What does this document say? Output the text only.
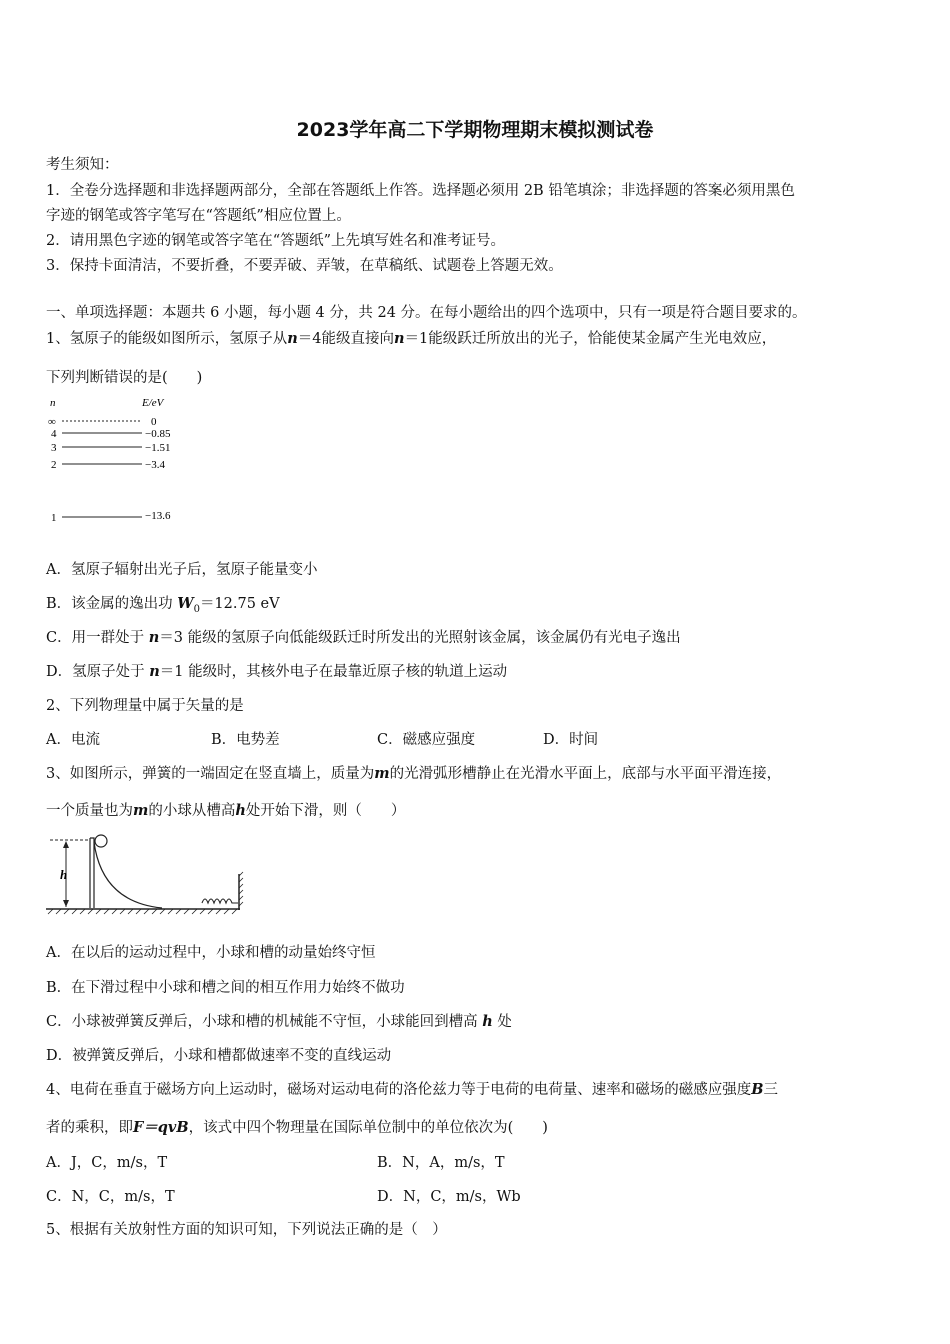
2023学年高二下学期物理期末模拟测试卷
考生须知：
1．全卷分选择题和非选择题两部分，全部在答题纸上作答。选择题必须用 2B 铅笔填涂；非选择题的答案必须用黑色
字迹的钢笔或答字笔写在“答题纸”相应位置上。
2．请用黑色字迹的钢笔或答字笔在“答题纸”上先填写姓名和准考证号。
3．保持卡面清洁，不要折叠，不要弄破、弄皱，在草稿纸、试题卷上答题无效。
一、单项选择题：本题共 6 小题，每小题 4 分，共 24 分。在每小题给出的四个选项中，只有一项是符合题目要求的。
1、氢原子的能级如图所示，氢原子从n＝4能级直接向n＝1能级跃迁所放出的光子，恰能使某金属产生光电效应，
下列判断错误的是(　　)
n	E/eV
∞	0
4	−0.85
3	−1.51
2	−3.4
1	−13.6
A．氢原子辐射出光子后，氢原子能量变小
B．该金属的逸出功 $W_0=12.75$ eV
C．用一群处于 n＝3 能级的氢原子向低能级跃迁时所发出的光照射该金属，该金属仍有光电子逸出
D．氢原子处于 n＝1 能级时，其核外电子在最靠近原子核的轨道上运动
2、下列物理量中属于矢量的是
A．电流	B．电势差	C．磁感应强度	D．时间
3、如图所示，弹簧的一端固定在竖直墙上，质量为m的光滑弧形槽静止在光滑水平面上，底部与水平面平滑连接，
一个质量也为m的小球从槽高h处开始下滑，则（　　）
h
A．在以后的运动过程中，小球和槽的动量始终守恒
B．在下滑过程中小球和槽之间的相互作用力始终不做功
C．小球被弹簧反弹后，小球和槽的机械能不守恒，小球能回到槽高 h 处
D．被弹簧反弹后，小球和槽都做速率不变的直线运动
4、电荷在垂直于磁场方向上运动时，磁场对运动电荷的洛伦兹力等于电荷的电荷量、速率和磁场的磁感应强度B三
者的乘积，即F＝qvB，该式中四个物理量在国际单位制中的单位依次为(　　)
A．J，C，m/s，T	B．N，A，m/s，T
C．N，C，m/s，T	D．N，C，m/s，Wb
5、根据有关放射性方面的知识可知，下列说法正确的是（　）
